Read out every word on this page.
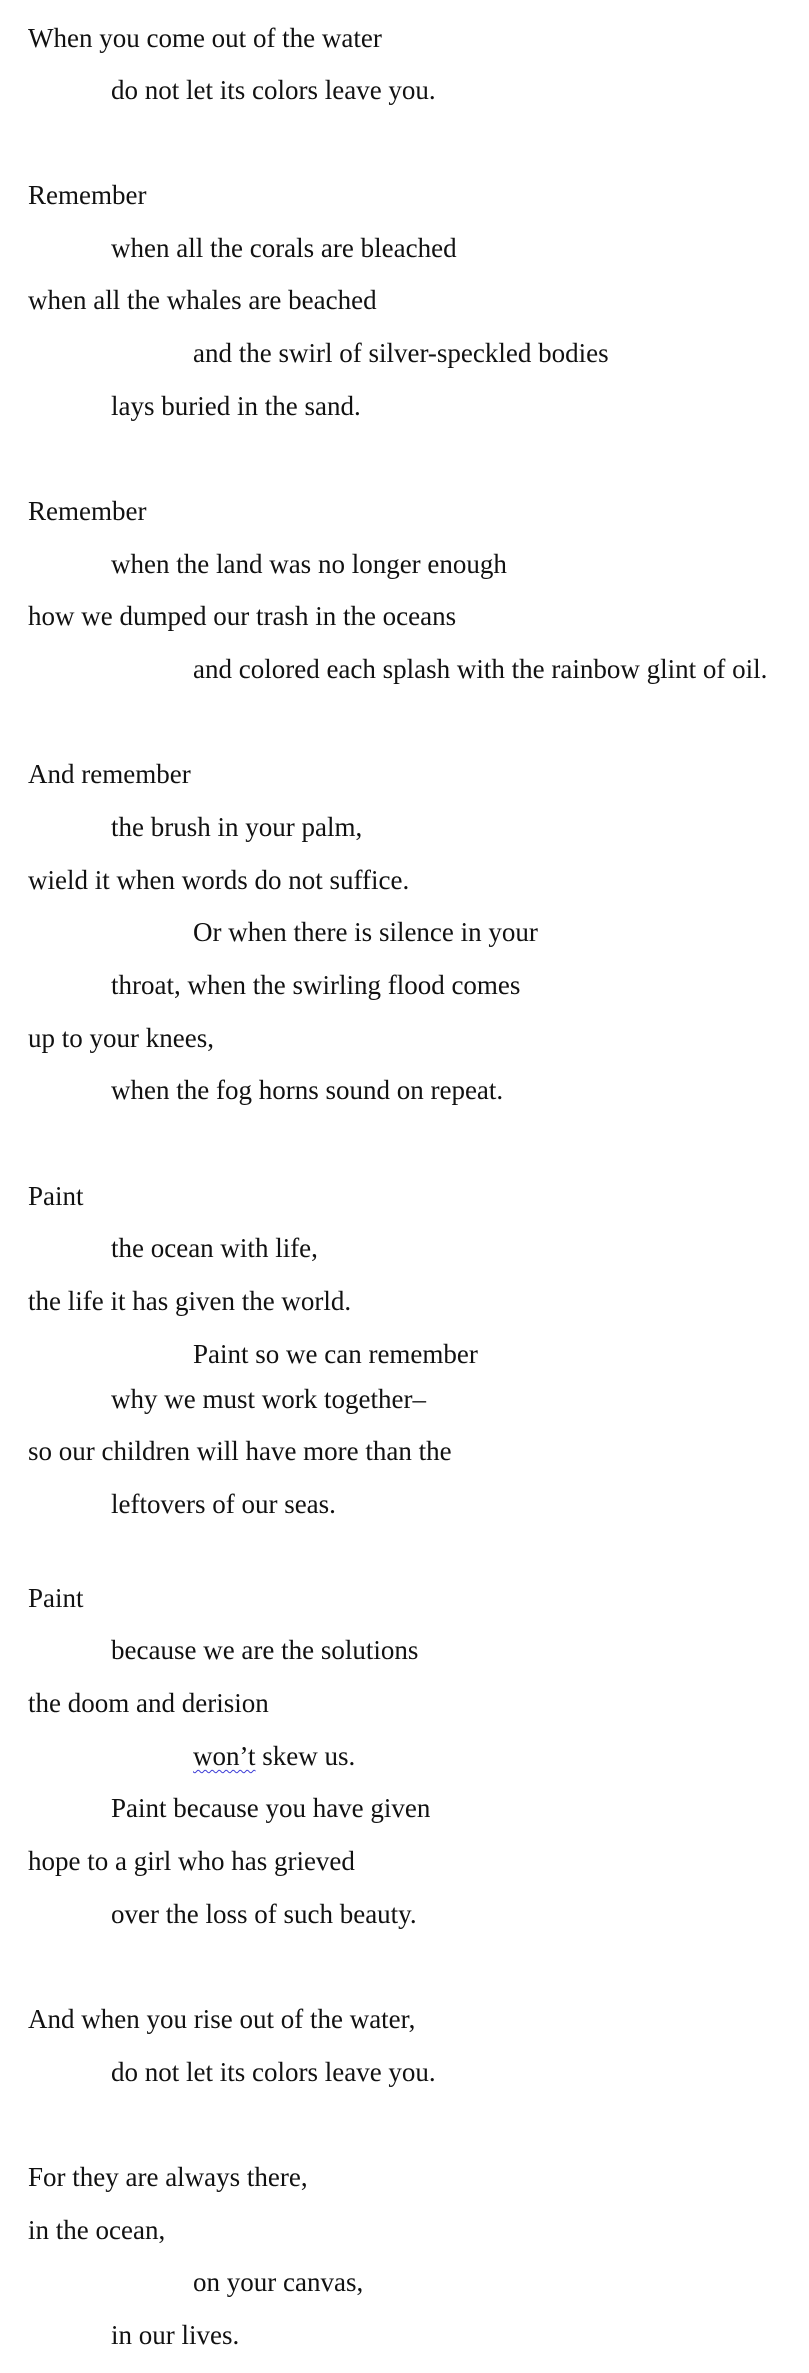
When you come out of the water
do not let its colors leave you.
Remember
when all the corals are bleached
when all the whales are beached
and the swirl of silver-speckled bodies
lays buried in the sand.
Remember
when the land was no longer enough
how we dumped our trash in the oceans
and colored each splash with the rainbow glint of oil.
And remember
the brush in your palm,
wield it when words do not suffice.
Or when there is silence in your
throat, when the swirling flood comes
up to your knees,
when the fog horns sound on repeat.
Paint
the ocean with life,
the life it has given the world.
Paint so we can remember
why we must work together–
so our children will have more than the
leftovers of our seas.
Paint
because we are the solutions
the doom and derision
won’t skew us.
Paint because you have given
hope to a girl who has grieved
over the loss of such beauty.
And when you rise out of the water,
do not let its colors leave you.
For they are always there,
in the ocean,
on your canvas,
in our lives.
